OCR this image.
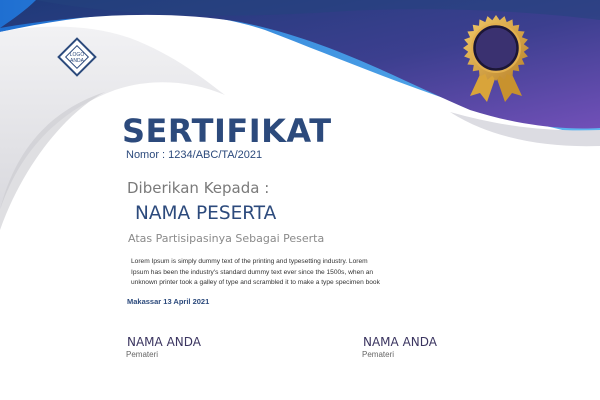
LOGO
ANDA
SERTIFIKAT
Nomor : 1234/ABC/TA/2021
Diberikan Kepada :
NAMA PESERTA
Atas Partisipasinya Sebagai Peserta
Lorem Ipsum is simply dummy text of the printing and typesetting industry. Lorem
Ipsum has been the industry's standard dummy text ever since the 1500s, when an
unknown printer took a galley of type and scrambled it to make a type specimen book
Makassar 13 April 2021
NAMA ANDA
Pemateri
NAMA ANDA
Pemateri
